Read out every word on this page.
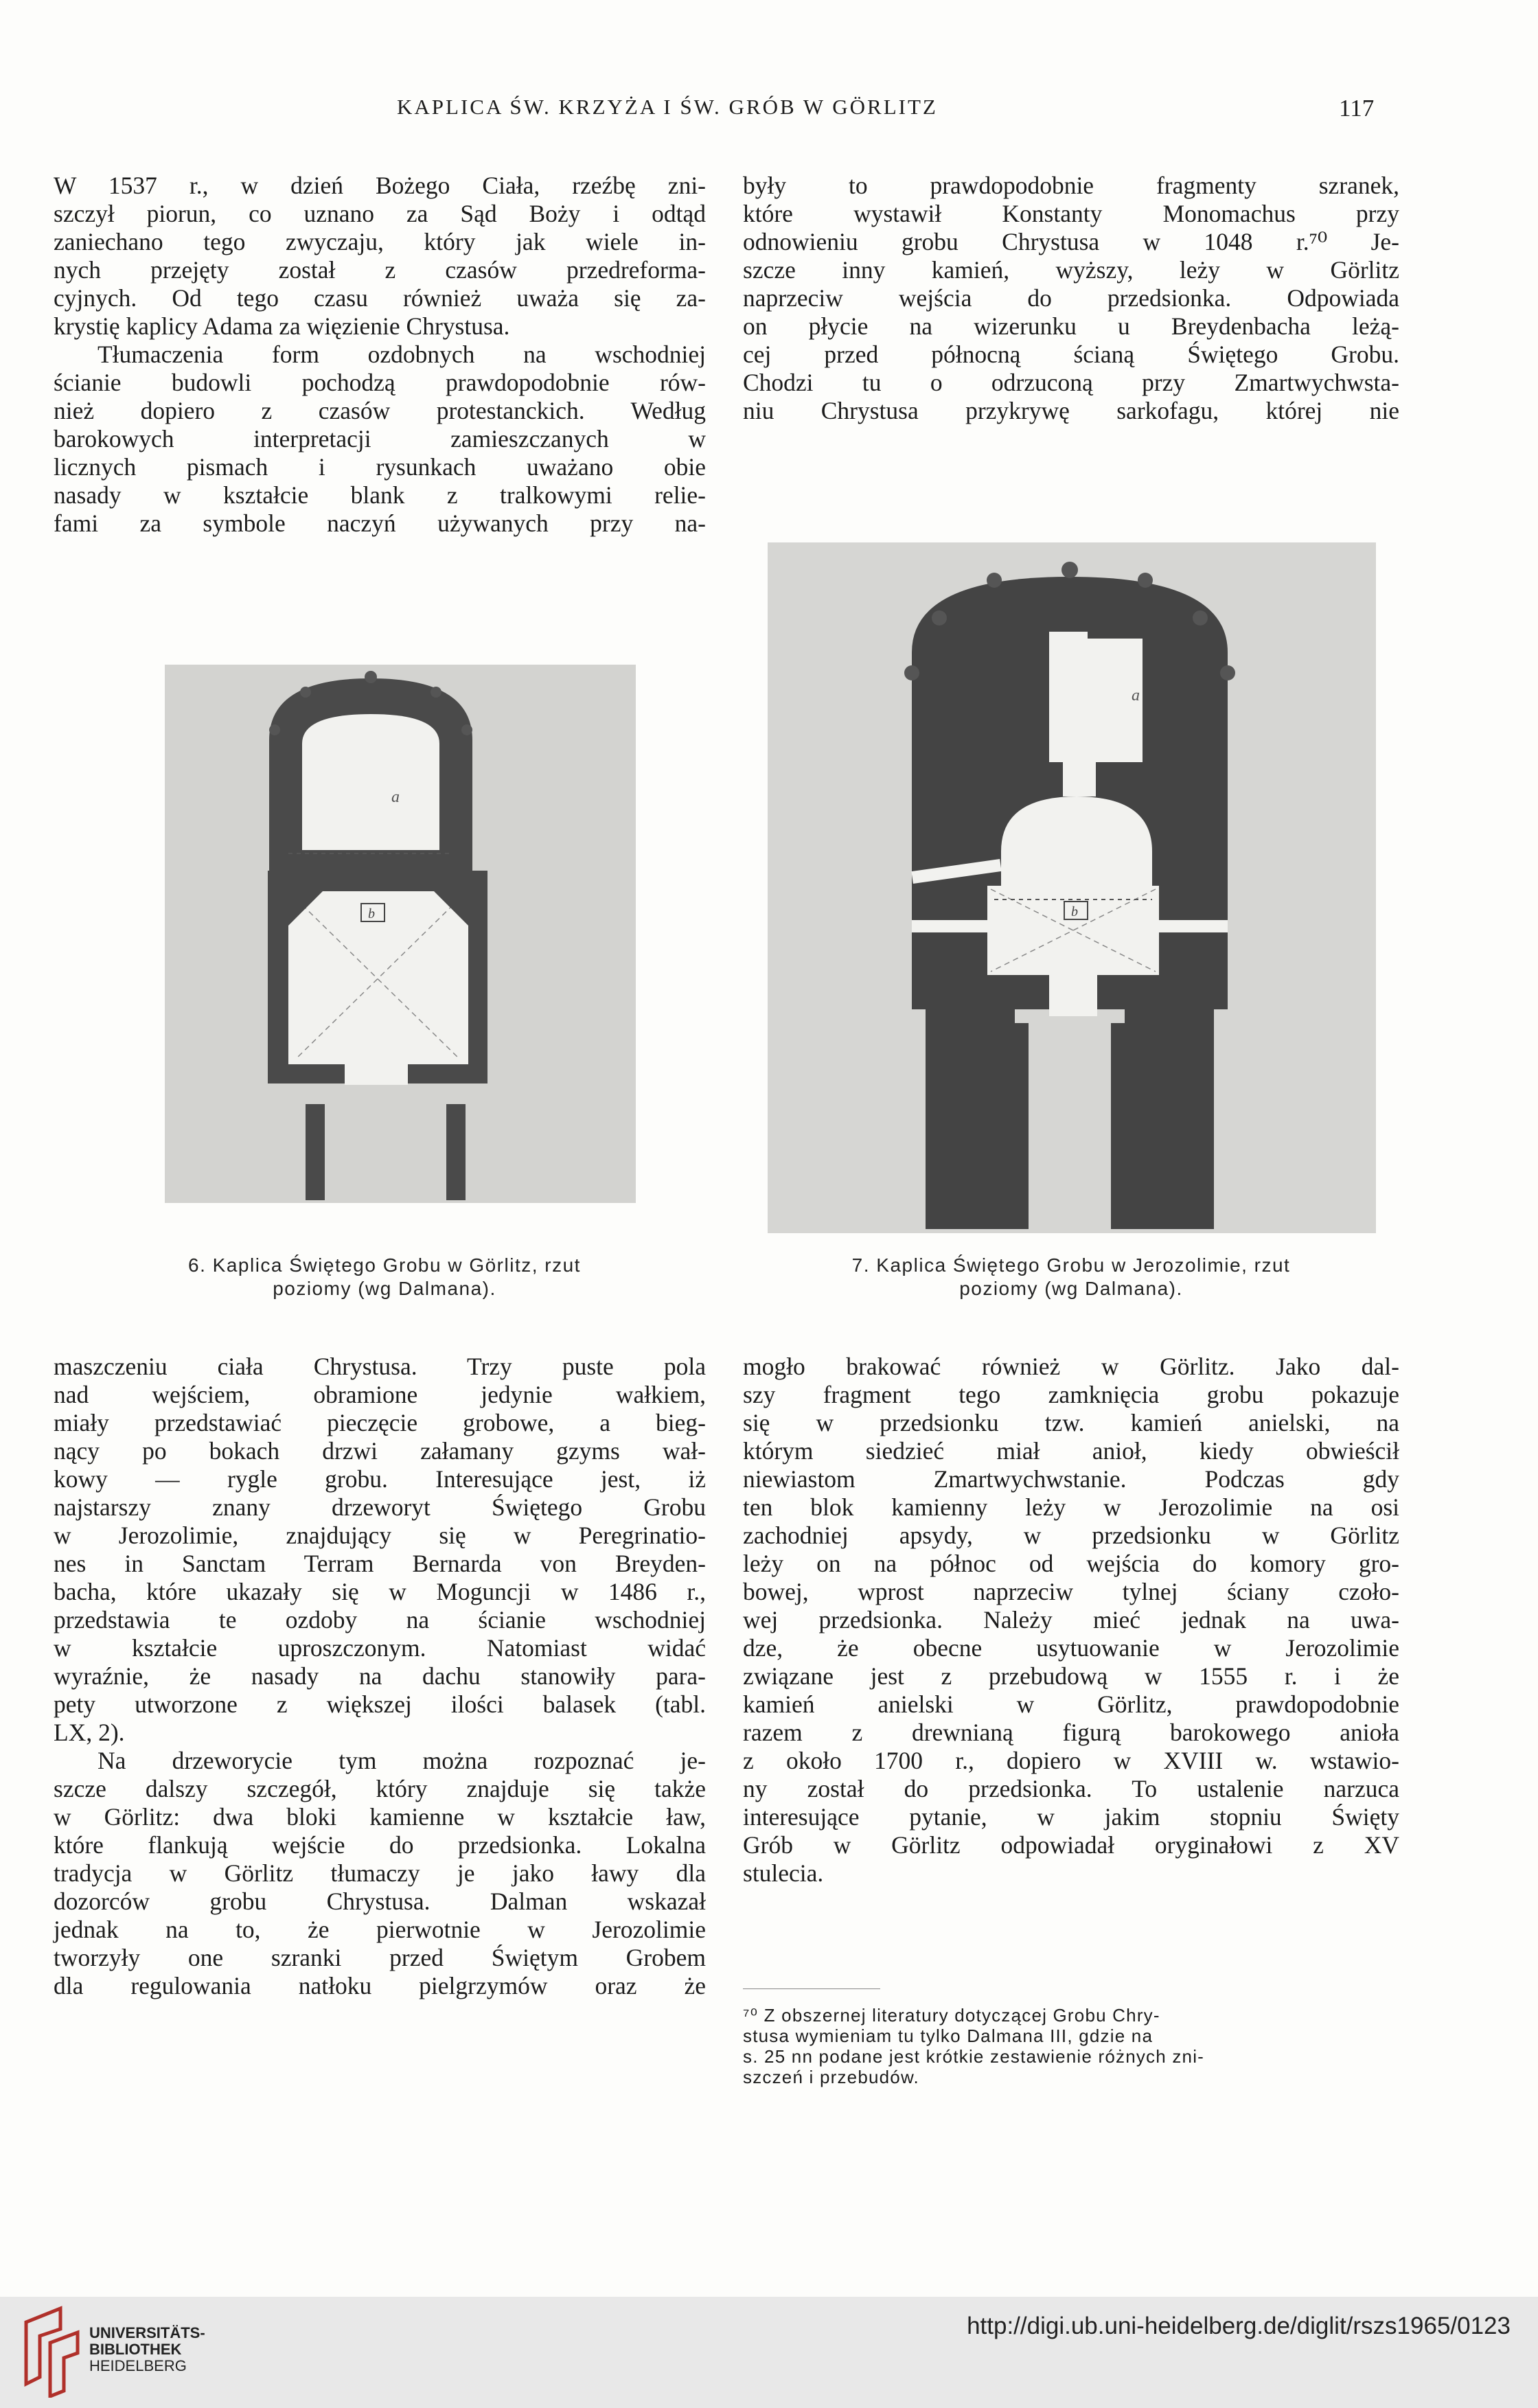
KAPLICA ŚW. KRZYŻA I ŚW. GRÓB W GÖRLITZ	117

W 1537 r., w dzień Bożego Ciała, rzeźbę zni-
szczył piorun, co uznano za Sąd Boży i odtąd
zaniechano tego zwyczaju, który jak wiele in-
nych przejęty został z czasów przedreforma-
cyjnych. Od tego czasu również uważa się za-
krystię kaplicy Adama za więzienie Chrystusa.

Tłumaczenia form ozdobnych na wschodniej
ścianie budowli pochodzą prawdopodobnie rów-
nież dopiero z czasów protestanckich. Według
barokowych interpretacji zamieszczanych w
licznych pismach i rysunkach uważano obie
nasady w kształcie blank z tralkowymi relie-
fami za symbole naczyń używanych przy na-

były to prawdopodobnie fragmenty szranek,
które wystawił Konstanty Monomachus przy
odnowieniu grobu Chrystusa w 1048 r.⁷⁰ Je-
szcze inny kamień, wyższy, leży w Görlitz
naprzeciw wejścia do przedsionka. Odpowiada
on płycie na wizerunku u Breydenbacha leżą-
cej przed północną ścianą Świętego Grobu.
Chodzi tu o odrzuconą przy Zmartwychwsta-
niu Chrystusa przykrywę sarkofagu, której nie

a
b
6. Kaplica Świętego Grobu w Görlitz, rzut
poziomy (wg Dalmana).
a
b
7. Kaplica Świętego Grobu w Jerozolimie, rzut
poziomy (wg Dalmana).

maszczeniu ciała Chrystusa. Trzy puste pola
nad wejściem, obramione jedynie wałkiem,
miały przedstawiać pieczęcie grobowe, a bieg-
nący po bokach drzwi załamany gzyms wał-
kowy — rygle grobu. Interesujące jest, iż
najstarszy znany drzeworyt Świętego Grobu
w Jerozolimie, znajdujący się w Peregrinatio-
nes in Sanctam Terram Bernarda von Breyden-
bacha, które ukazały się w Moguncji w 1486 r.,
przedstawia te ozdoby na ścianie wschodniej
w kształcie uproszczonym. Natomiast widać
wyraźnie, że nasady na dachu stanowiły para-
pety utworzone z większej ilości balasek (tabl.
LX, 2).

Na drzeworycie tym można rozpoznać je-
szcze dalszy szczegół, który znajduje się także
w Görlitz: dwa bloki kamienne w kształcie ław,
które flankują wejście do przedsionka. Lokalna
tradycja w Görlitz tłumaczy je jako ławy dla
dozorców grobu Chrystusa. Dalman wskazał
jednak na to, że pierwotnie w Jerozolimie
tworzyły one szranki przed Świętym Grobem
dla regulowania natłoku pielgrzymów oraz że

mogło brakować również w Görlitz. Jako dal-
szy fragment tego zamknięcia grobu pokazuje
się w przedsionku tzw. kamień anielski, na
którym siedzieć miał anioł, kiedy obwieścił
niewiastom Zmartwychwstanie. Podczas gdy
ten blok kamienny leży w Jerozolimie na osi
zachodniej apsydy, w przedsionku w Görlitz
leży on na północ od wejścia do komory gro-
bowej, wprost naprzeciw tylnej ściany czoło-
wej przedsionka. Należy mieć jednak na uwa-
dze, że obecne usytuowanie w Jerozolimie
związane jest z przebudową w 1555 r. i że
kamień anielski w Görlitz, prawdopodobnie
razem z drewnianą figurą barokowego anioła
z około 1700 r., dopiero w XVIII w. wstawio-
ny został do przedsionka. To ustalenie narzuca
interesujące pytanie, w jakim stopniu Święty
Grób w Görlitz odpowiadał oryginałowi z XV
stulecia.

⁷⁰ Z obszernej literatury dotyczącej Grobu Chry-
stusa wymieniam tu tylko Dalmana III, gdzie na
s. 25 nn podane jest krótkie zestawienie różnych zni-
szczeń i przebudów.
UNIVERSITÄTS-
BIBLIOTHEK
HEIDELBERG
http://digi.ub.uni-heidelberg.de/diglit/rszs1965/0123
